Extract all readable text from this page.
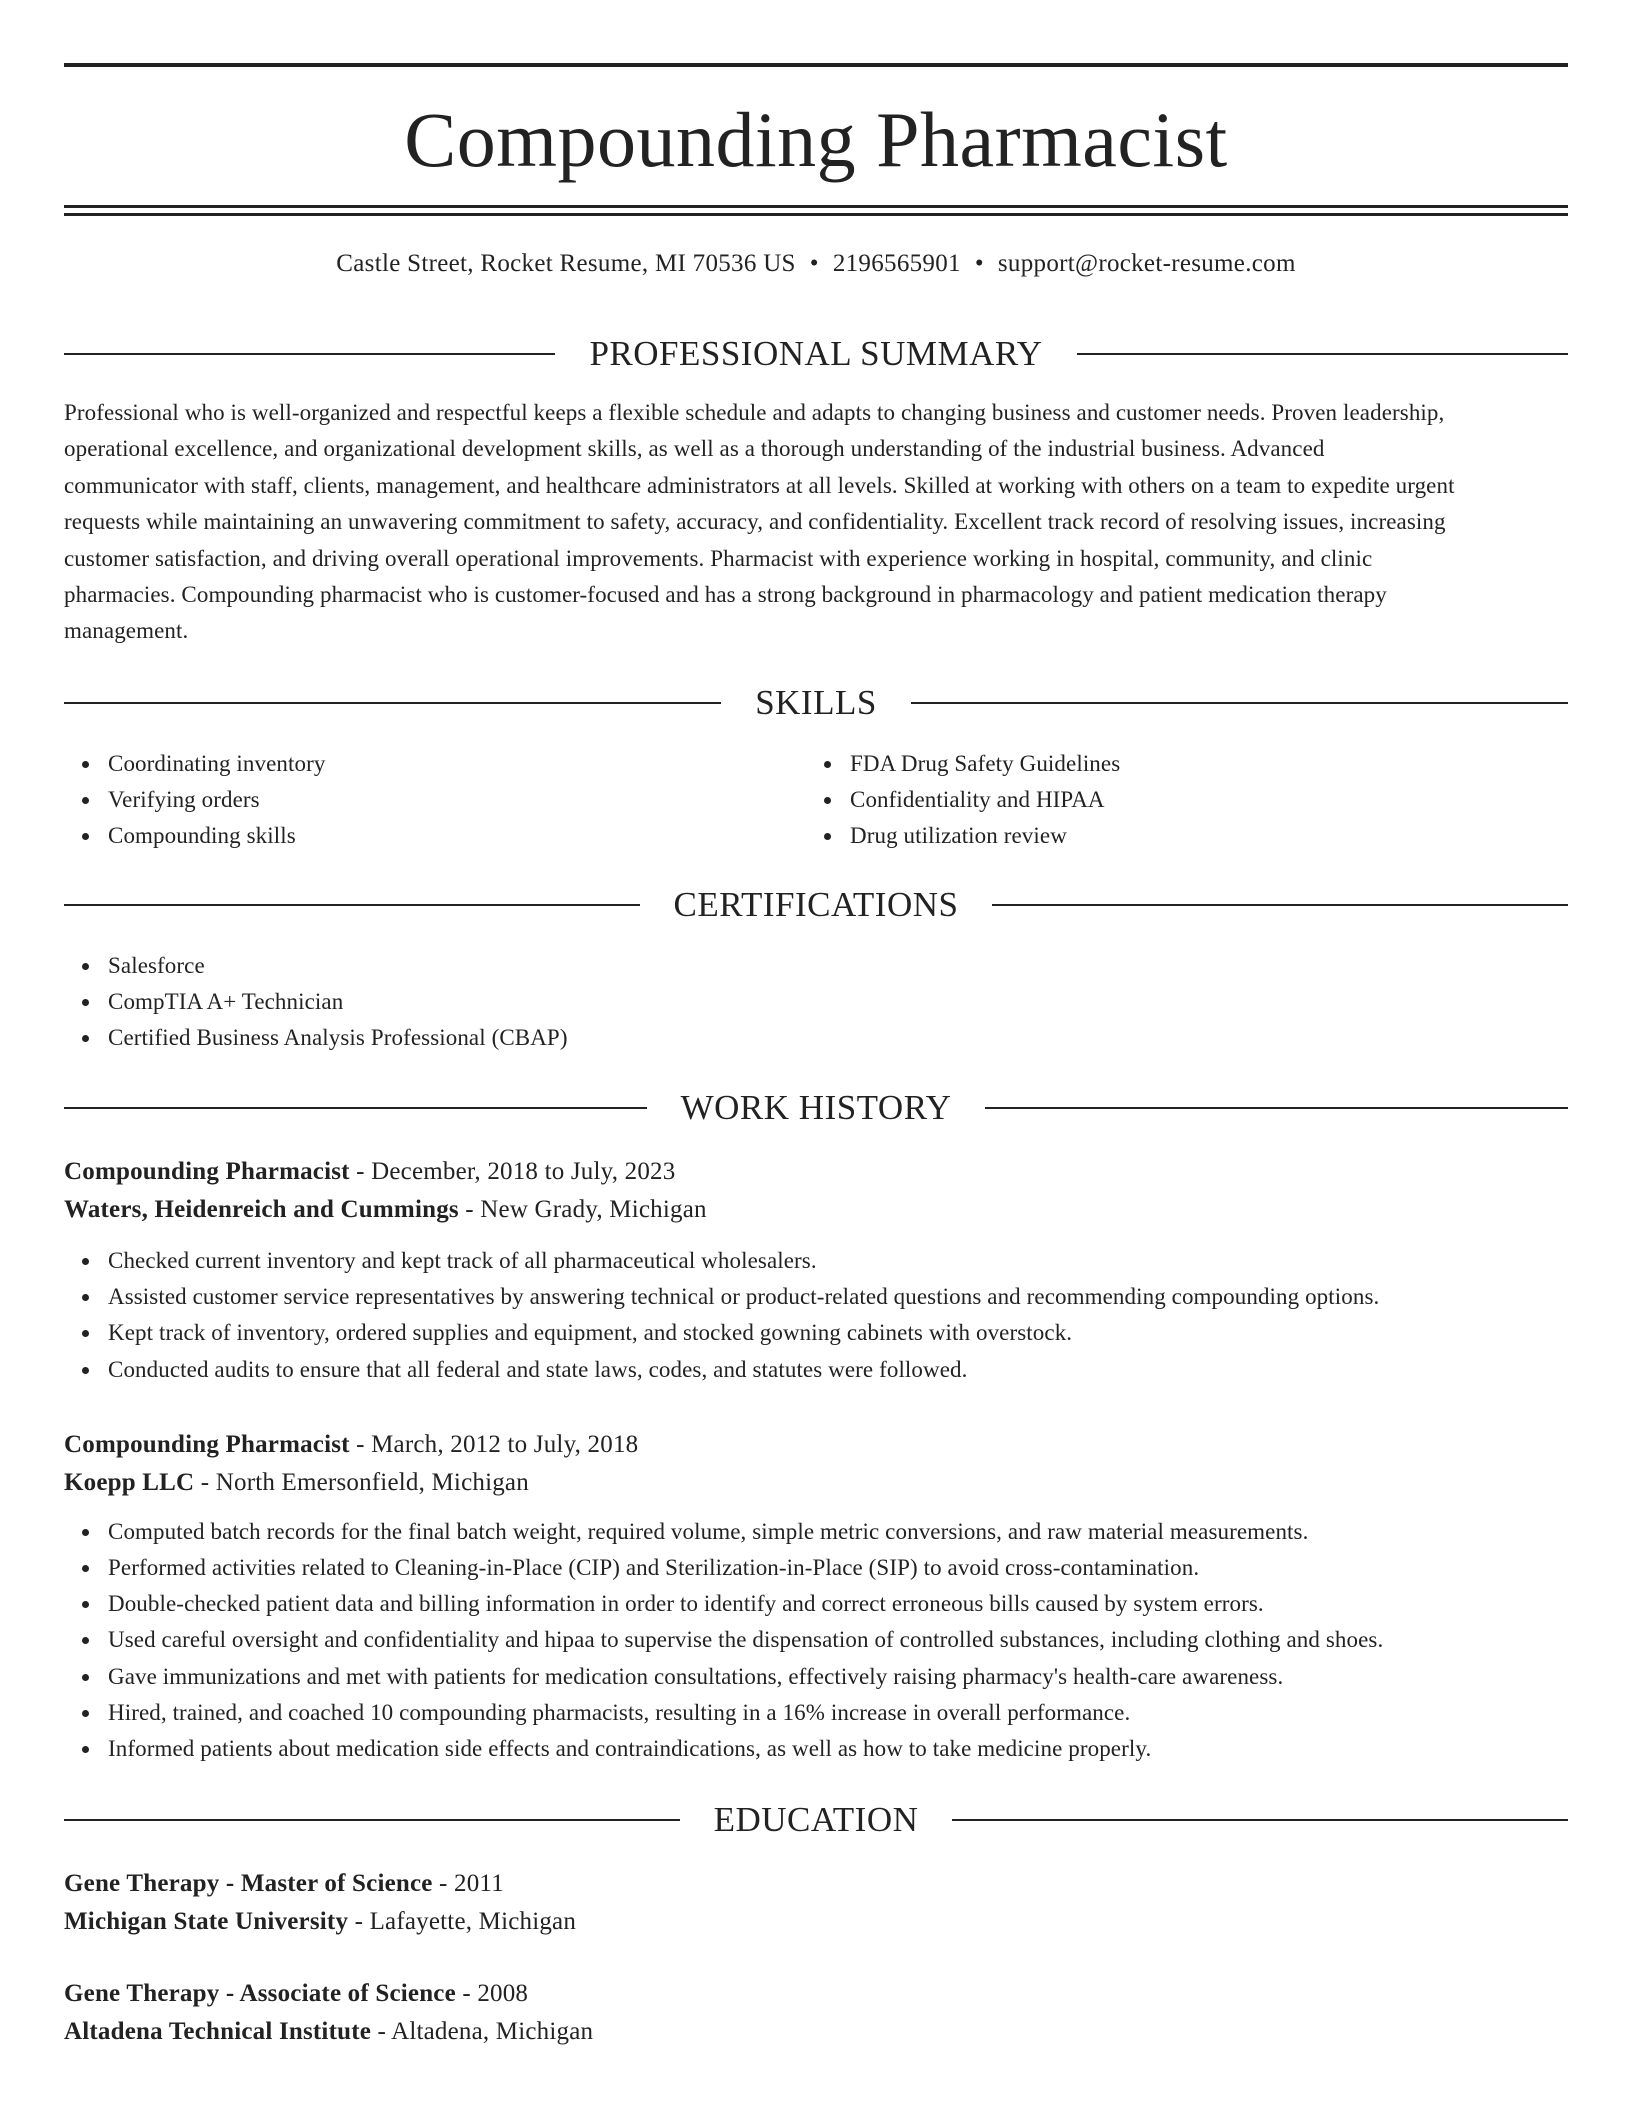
Compounding Pharmacist
Castle Street, Rocket Resume, MI 70536 US • 2196565901 • support@rocket-resume.com
PROFESSIONAL SUMMARY
Professional who is well-organized and respectful keeps a flexible schedule and adapts to changing business and customer needs. Proven leadership,
operational excellence, and organizational development skills, as well as a thorough understanding of the industrial business. Advanced
communicator with staff, clients, management, and healthcare administrators at all levels. Skilled at working with others on a team to expedite urgent
requests while maintaining an unwavering commitment to safety, accuracy, and confidentiality. Excellent track record of resolving issues, increasing
customer satisfaction, and driving overall operational improvements. Pharmacist with experience working in hospital, community, and clinic
pharmacies. Compounding pharmacist who is customer-focused and has a strong background in pharmacology and patient medication therapy
management.
SKILLS
Coordinating inventory
Verifying orders
Compounding skills
FDA Drug Safety Guidelines
Confidentiality and HIPAA
Drug utilization review
CERTIFICATIONS
Salesforce
CompTIA A+ Technician
Certified Business Analysis Professional (CBAP)
WORK HISTORY
Compounding Pharmacist - December, 2018 to July, 2023
Waters, Heidenreich and Cummings - New Grady, Michigan
Checked current inventory and kept track of all pharmaceutical wholesalers.
Assisted customer service representatives by answering technical or product-related questions and recommending compounding options.
Kept track of inventory, ordered supplies and equipment, and stocked gowning cabinets with overstock.
Conducted audits to ensure that all federal and state laws, codes, and statutes were followed.
Compounding Pharmacist - March, 2012 to July, 2018
Koepp LLC - North Emersonfield, Michigan
Computed batch records for the final batch weight, required volume, simple metric conversions, and raw material measurements.
Performed activities related to Cleaning-in-Place (CIP) and Sterilization-in-Place (SIP) to avoid cross-contamination.
Double-checked patient data and billing information in order to identify and correct erroneous bills caused by system errors.
Used careful oversight and confidentiality and hipaa to supervise the dispensation of controlled substances, including clothing and shoes.
Gave immunizations and met with patients for medication consultations, effectively raising pharmacy's health-care awareness.
Hired, trained, and coached 10 compounding pharmacists, resulting in a 16% increase in overall performance.
Informed patients about medication side effects and contraindications, as well as how to take medicine properly.
EDUCATION
Gene Therapy - Master of Science - 2011
Michigan State University - Lafayette, Michigan
Gene Therapy - Associate of Science - 2008
Altadena Technical Institute - Altadena, Michigan
